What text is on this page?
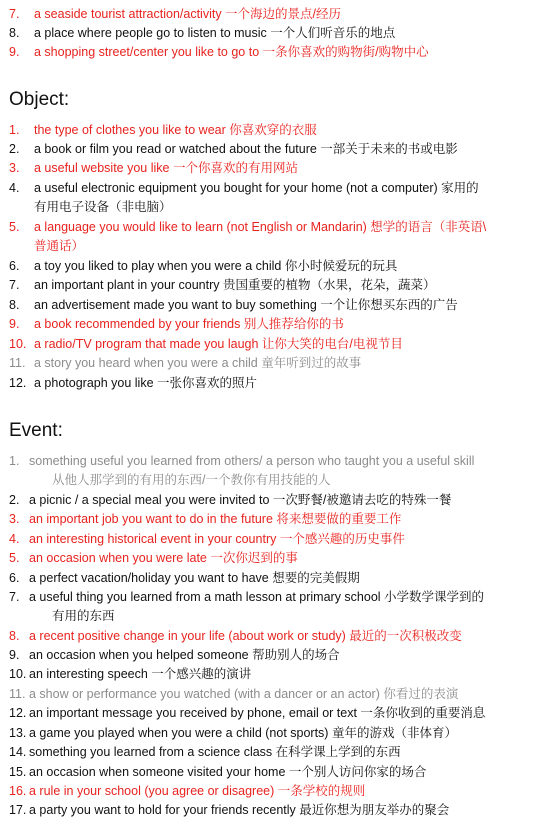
7.	a seaside tourist attraction/activity 一个海边的景点/经历
8.	a place where people go to listen to music 一个人们听音乐的地点
9.	a shopping street/center you like to go to 一条你喜欢的购物街/购物中心
Object:
1.	the type of clothes you like to wear 你喜欢穿的衣服
2.	a book or film you read or watched about the future 一部关于未来的书或电影
3.	a useful website you like 一个你喜欢的有用网站
4.	a useful electronic equipment you bought for your home (not a computer) 家用的
有用电子设备（非电脑）
5.	a language you would like to learn (not English or Mandarin) 想学的语言（非英语\
普通话）
6.	a toy you liked to play when you were a child 你小时候爱玩的玩具
7.	an important plant in your country 贵国重要的植物（水果，花朵，蔬菜）
8.	an advertisement made you want to buy something 一个让你想买东西的广告
9.	a book recommended by your friends 别人推荐给你的书
10. a radio/TV program that made you laugh 让你大笑的电台/电视节目
11. a story you heard when you were a child 童年听到过的故事
12. a photograph you like 一张你喜欢的照片
Event:
1. something useful you learned from others/ a person who taught you a useful skill
从他人那学到的有用的东西/一个教你有用技能的人
2. a picnic / a special meal you were invited to 一次野餐/被邀请去吃的特殊一餐
3. an important job you want to do in the future 将来想要做的重要工作
4. an interesting historical event in your country 一个感兴趣的历史事件
5. an occasion when you were late 一次你迟到的事
6. a perfect vacation/holiday you want to have 想要的完美假期
7. a useful thing you learned from a math lesson at primary school 小学数学课学到的
有用的东西
8. a recent positive change in your life (about work or study) 最近的一次积极改变
9. an occasion when you helped someone 帮助别人的场合
10. an interesting speech 一个感兴趣的演讲
11. a show or performance you watched (with a dancer or an actor) 你看过的表演
12. an important message you received by phone, email or text 一条你收到的重要消息
13. a game you played when you were a child (not sports) 童年的游戏（非体育）
14. something you learned from a science class 在科学课上学到的东西
15. an occasion when someone visited your home 一个别人访问你家的场合
16. a rule in your school (you agree or disagree) 一条学校的规则
17. a party you want to hold for your friends recently 最近你想为朋友举办的聚会
